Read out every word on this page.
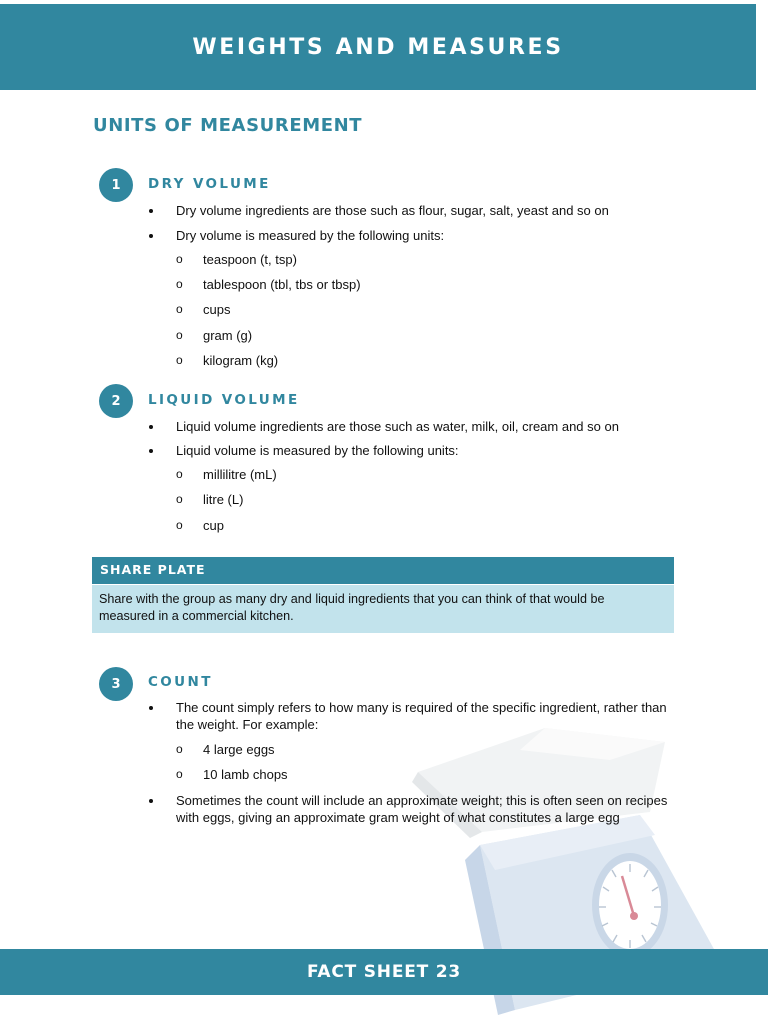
WEIGHTS AND MEASURES
UNITS OF MEASUREMENT
1	DRY VOLUME
Dry volume ingredients are those such as flour, sugar, salt, yeast and so on
Dry volume is measured by the following units:
o teaspoon (t, tsp)
o tablespoon (tbl, tbs or tbsp)
o cups
o gram (g)
o kilogram (kg)
2	LIQUID VOLUME
Liquid volume ingredients are those such as water, milk, oil, cream and so on
Liquid volume is measured by the following units:
o millilitre (mL)
o litre (L)
o cup
SHARE PLATE
Share with the group as many dry and liquid ingredients that you can think of that would be measured in a commercial kitchen.
3	COUNT
The count simply refers to how many is required of the specific ingredient, rather than the weight. For example:
o 4 large eggs
o 10 lamb chops
Sometimes the count will include an approximate weight; this is often seen on recipes with eggs, giving an approximate gram weight of what constitutes a large egg
FACT SHEET 23
